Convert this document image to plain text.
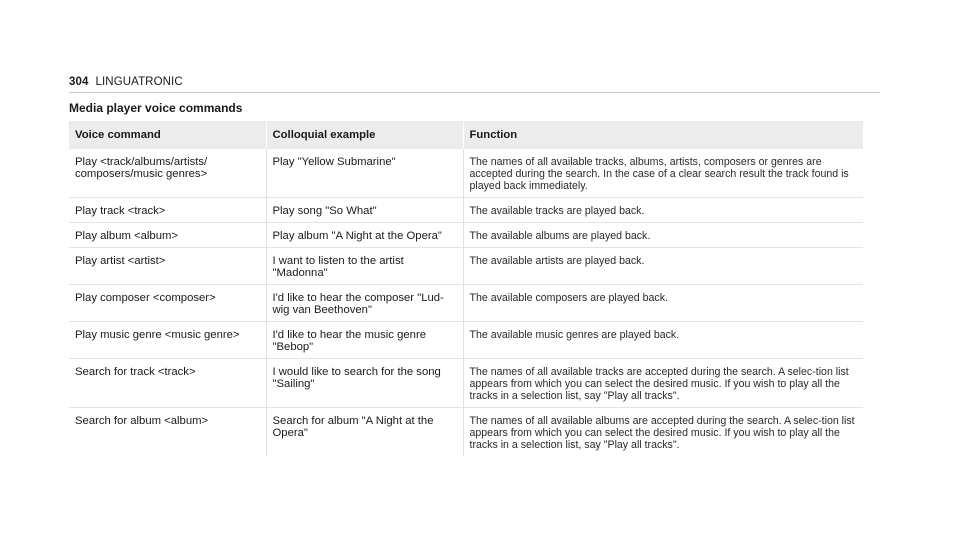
304 LINGUATRONIC
Media player voice commands
Voice command	Colloquial example	Function
Play <track/albums/artists/ composers/music genres>	Play "Yellow Submarine"	The names of all available tracks, albums, artists, composers or genres are accepted during the search. In the case of a clear search result the track found is played back immediately.
Play track <track>	Play song "So What"	The available tracks are played back.
Play album <album>	Play album "A Night at the Opera"	The available albums are played back.
Play artist <artist>	I want to listen to the artist "Madonna"	The available artists are played back.
Play composer <composer>	I'd like to hear the composer "Lud-wig van Beethoven"	The available composers are played back.
Play music genre <music genre>	I'd like to hear the music genre "Bebop"	The available music genres are played back.
Search for track <track>	I would like to search for the song "Sailing"	The names of all available tracks are accepted during the search. A selec-tion list appears from which you can select the desired music. If you wish to play all the tracks in a selection list, say "Play all tracks".
Search for album <album>	Search for album "A Night at the Opera"	The names of all available albums are accepted during the search. A selec-tion list appears from which you can select the desired music. If you wish to play all the tracks in a selection list, say "Play all tracks".
